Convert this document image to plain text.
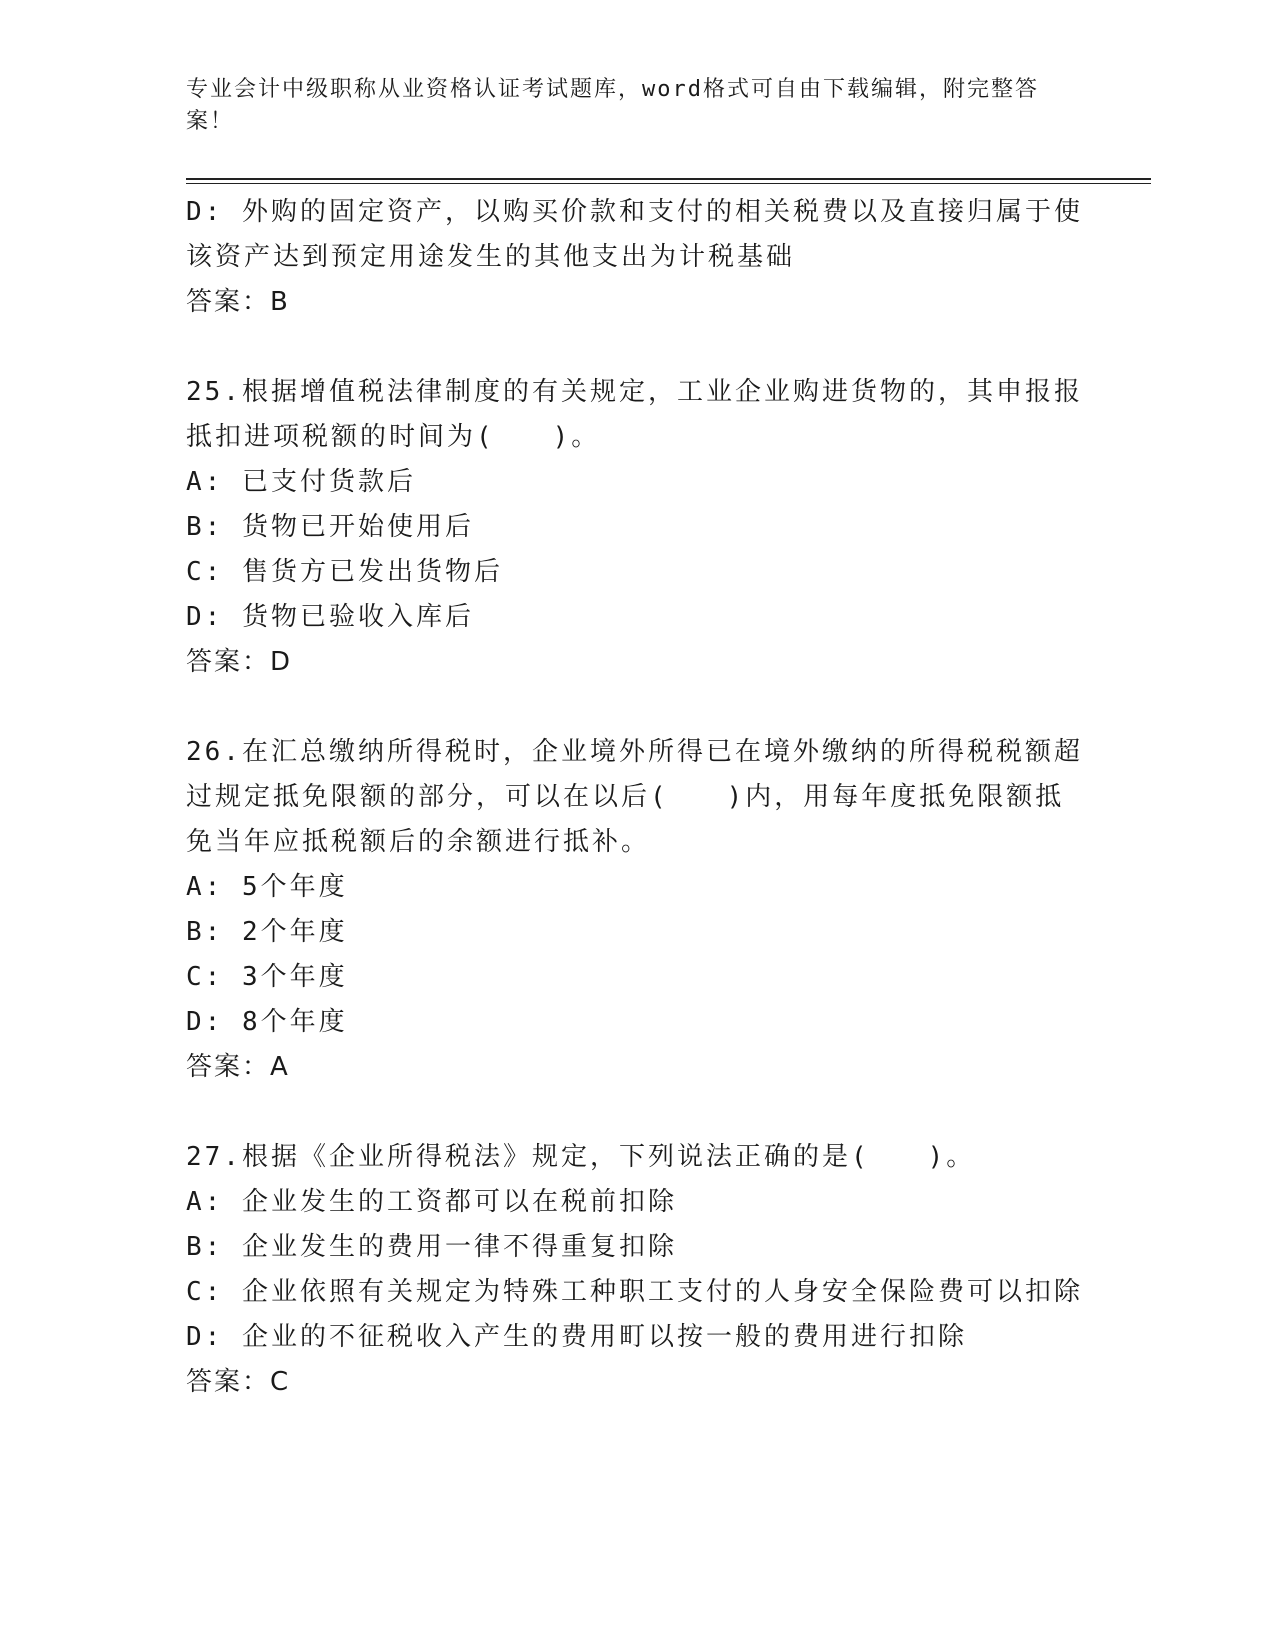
专业会计中级职称从业资格认证考试题库，word格式可自由下载编辑，附完整答
案！
D: 外购的固定资产，以购买价款和支付的相关税费以及直接归属于使
该资产达到预定用途发生的其他支出为计税基础
答案：B
25.根据增值税法律制度的有关规定，工业企业购进货物的，其申报报
抵扣进项税额的时间为(　　)。
A: 已支付货款后
B: 货物已开始使用后
C: 售货方已发出货物后
D: 货物已验收入库后
答案：D
26.在汇总缴纳所得税时，企业境外所得已在境外缴纳的所得税税额超
过规定抵免限额的部分，可以在以后(　　)内，用每年度抵免限额抵
免当年应抵税额后的余额进行抵补。
A: 5个年度
B: 2个年度
C: 3个年度
D: 8个年度
答案：A
27.根据《企业所得税法》规定，下列说法正确的是(　　)。
A: 企业发生的工资都可以在税前扣除
B: 企业发生的费用一律不得重复扣除
C: 企业依照有关规定为特殊工种职工支付的人身安全保险费可以扣除
D: 企业的不征税收入产生的费用町以按一般的费用进行扣除
答案：C
